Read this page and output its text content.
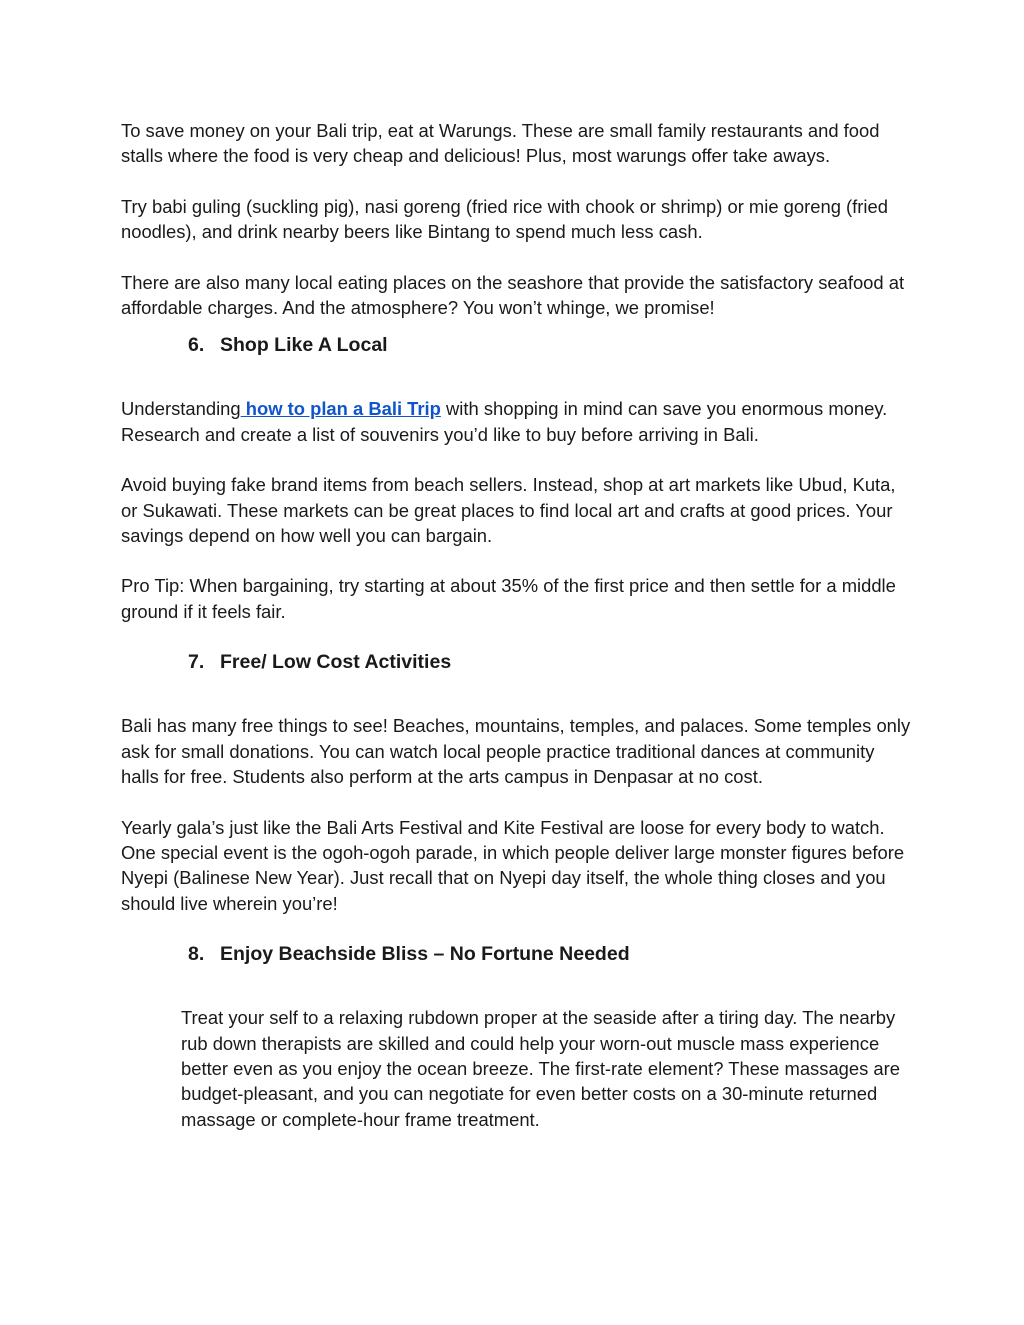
To save money on your Bali trip, eat at Warungs. These are small family restaurants and food stalls where the food is very cheap and delicious! Plus, most warungs offer take aways.

Try babi guling (suckling pig), nasi goreng (fried rice with chook or shrimp) or mie goreng (fried noodles), and drink nearby beers like Bintang to spend much less cash.

There are also many local eating places on the seashore that provide the satisfactory seafood at affordable charges. And the atmosphere? You won’t whinge, we promise!

6. Shop Like A Local

Understanding how to plan a Bali Trip with shopping in mind can save you enormous money. Research and create a list of souvenirs you’d like to buy before arriving in Bali.

Avoid buying fake brand items from beach sellers. Instead, shop at art markets like Ubud, Kuta, or Sukawati. These markets can be great places to find local art and crafts at good prices. Your savings depend on how well you can bargain.

Pro Tip: When bargaining, try starting at about 35% of the first price and then settle for a middle ground if it feels fair.

7. Free/ Low Cost Activities

Bali has many free things to see! Beaches, mountains, temples, and palaces. Some temples only ask for small donations. You can watch local people practice traditional dances at community halls for free. Students also perform at the arts campus in Denpasar at no cost.

Yearly gala’s just like the Bali Arts Festival and Kite Festival are loose for every body to watch. One special event is the ogoh-ogoh parade, in which people deliver large monster figures before Nyepi (Balinese New Year). Just recall that on Nyepi day itself, the whole thing closes and you should live wherein you’re!

8. Enjoy Beachside Bliss – No Fortune Needed

Treat your self to a relaxing rubdown proper at the seaside after a tiring day. The nearby rub down therapists are skilled and could help your worn-out muscle mass experience better even as you enjoy the ocean breeze. The first-rate element? These massages are budget-pleasant, and you can negotiate for even better costs on a 30-minute returned massage or complete-hour frame treatment.
